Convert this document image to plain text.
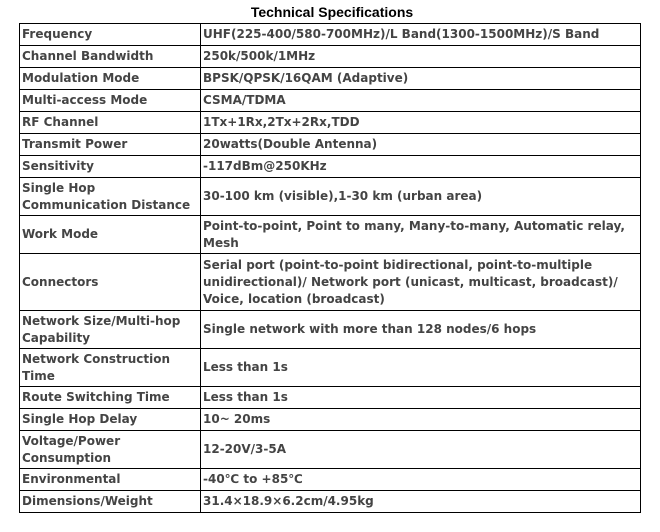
Technical Specifications
Frequency	UHF(225-400/580-700MHz)/L Band(1300-1500MHz)/S Band
Channel Bandwidth	250k/500k/1MHz
Modulation Mode	BPSK/QPSK/16QAM (Adaptive)
Multi-access Mode	CSMA/TDMA
RF Channel	1Tx+1Rx,2Tx+2Rx,TDD
Transmit Power	20watts(Double Antenna)
Sensitivity	-117dBm@250KHz
Single Hop Communication Distance	30-100 km (visible),1-30 km (urban area)
Work Mode	Point-to-point, Point to many, Many-to-many, Automatic relay, Mesh
Connectors	Serial port (point-to-point bidirectional, point-to-multiple unidirectional)/ Network port (unicast, multicast, broadcast)/ Voice, location (broadcast)
Network Size/Multi-hop Capability	Single network with more than 128 nodes/6 hops
Network Construction Time	Less than 1s
Route Switching Time	Less than 1s
Single Hop Delay	10~ 20ms
Voltage/Power Consumption	12-20V/3-5A
Environmental	-40℃ to +85℃
Dimensions/Weight	31.4×18.9×6.2cm/4.95kg
